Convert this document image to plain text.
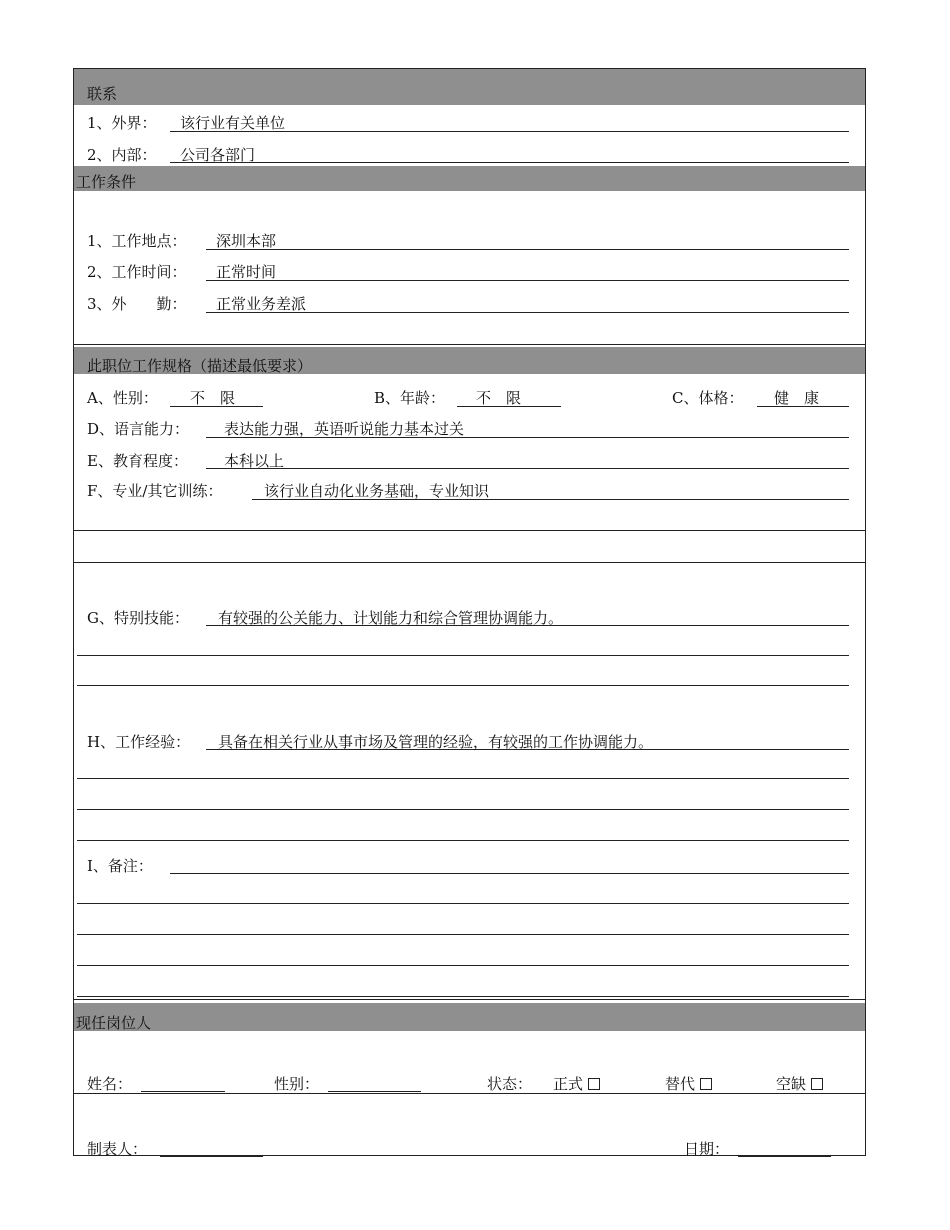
联系
1、外界： 该行业有关单位
2、内部： 公司各部门
工作条件
1、工作地点： 深圳本部
2、工作时间： 正常时间
3、外　　勤： 正常业务差派
此职位工作规格（描述最低要求）
A、性别： 不　限	B、年龄： 不　限	C、体格： 健　康
D、语言能力： 表达能力强，英语听说能力基本过关
E、教育程度： 本科以上
F、专业/其它训练：	该行业自动化业务基础，专业知识
G、特别技能： 有较强的公关能力、计划能力和综合管理协调能力。
H、工作经验： 具备在相关行业从事市场及管理的经验，有较强的工作协调能力。
I、备注：
现任岗位人
姓名：	性别：	状态： 正式	替代	空缺
制表人：	日期：
